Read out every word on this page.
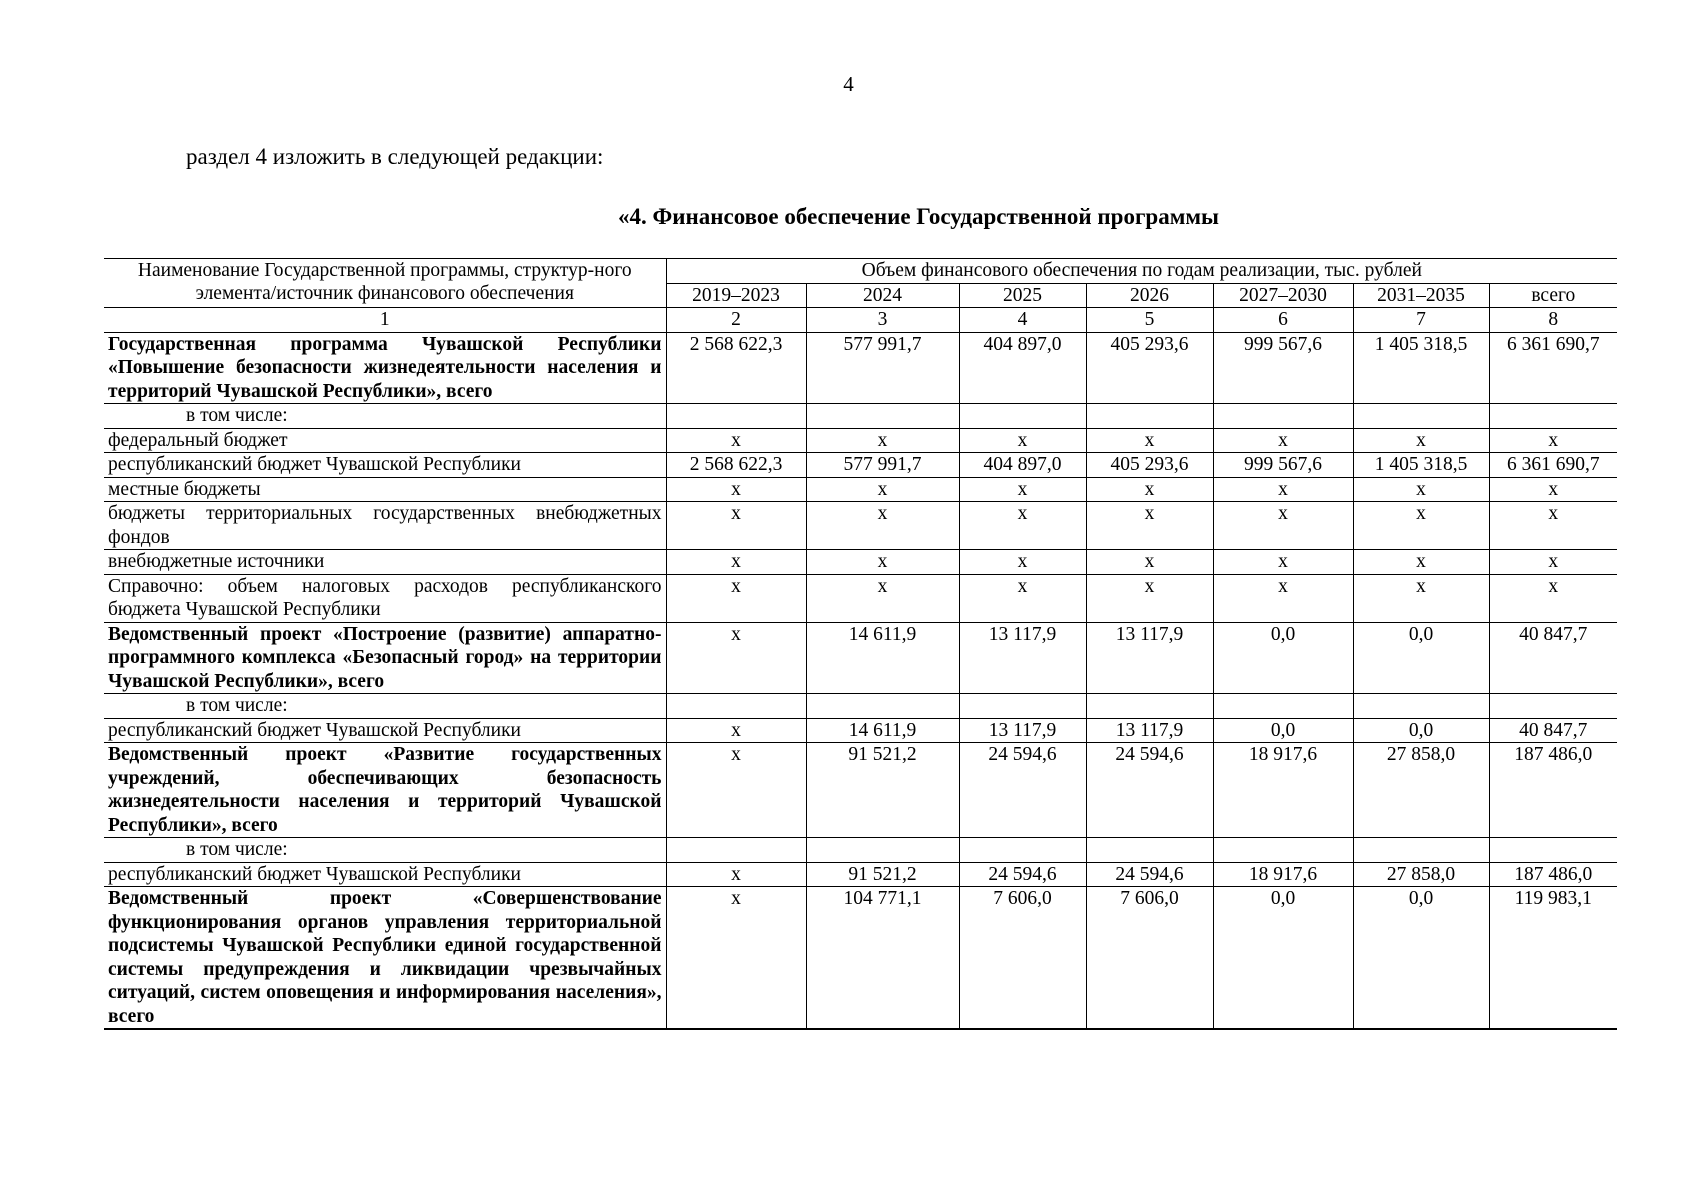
4
раздел 4 изложить в следующей редакции:
«4. Финансовое обеспечение Государственной программы
Наименование Государственной программы, структур-ного элемента/источник финансового обеспечения	Объем финансового обеспечения по годам реализации, тыс. рублей						
	2019–2023	2024	2025	2026	2027–2030	2031–2035	всего
1	2	3	4	5	6	7	8
Государственная программа Чувашской Республики «Повышение безопасности жизнедеятельности населения и территорий Чувашской Республики», всего	2 568 622,3	577 991,7	404 897,0	405 293,6	999 567,6	1 405 318,5	6 361 690,7
в том числе:							
федеральный бюджет	x	x	x	x	x	x	x
республиканский бюджет Чувашской Республики	2 568 622,3	577 991,7	404 897,0	405 293,6	999 567,6	1 405 318,5	6 361 690,7
местные бюджеты	x	x	x	x	x	x	x
бюджеты территориальных государственных внебюджетных фондов	x	x	x	x	x	x	x
внебюджетные источники	x	x	x	x	x	x	x
Справочно: объем налоговых расходов республиканского бюджета Чувашской Республики	x	x	x	x	x	x	x
Ведомственный проект «Построение (развитие) аппаратно-программного комплекса «Безопасный город» на территории Чувашской Республики», всего	x	14 611,9	13 117,9	13 117,9	0,0	0,0	40 847,7
в том числе:							
республиканский бюджет Чувашской Республики	x	14 611,9	13 117,9	13 117,9	0,0	0,0	40 847,7
Ведомственный проект «Развитие государственных учреждений, обеспечивающих безопасность жизнедеятельности населения и территорий Чувашской Республики», всего	x	91 521,2	24 594,6	24 594,6	18 917,6	27 858,0	187 486,0
в том числе:							
республиканский бюджет Чувашской Республики	x	91 521,2	24 594,6	24 594,6	18 917,6	27 858,0	187 486,0
Ведомственный проект «Совершенствование функционирования органов управления территориальной подсистемы Чувашской Республики единой государственной системы предупреждения и ликвидации чрезвычайных ситуаций, систем оповещения и информирования населения», всего	x	104 771,1	7 606,0	7 606,0	0,0	0,0	119 983,1
